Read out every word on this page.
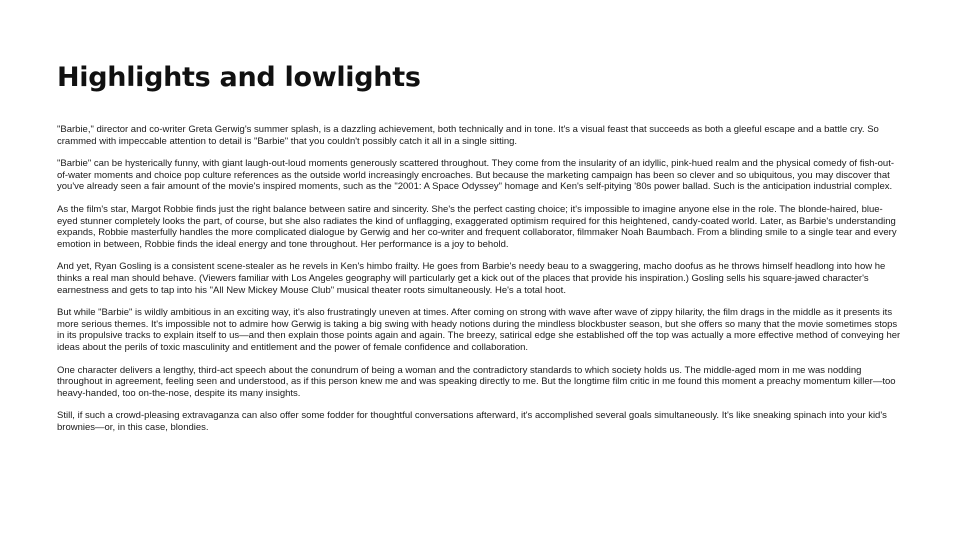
Highlights and lowlights

"Barbie," director and co-writer Greta Gerwig's summer splash, is a dazzling achievement, both technically and in tone. It's a visual feast that succeeds as both a gleeful escape and a battle cry. So crammed with impeccable attention to detail is "Barbie" that you couldn't possibly catch it all in a single sitting.

"Barbie" can be hysterically funny, with giant laugh-out-loud moments generously scattered throughout. They come from the insularity of an idyllic, pink-hued realm and the physical comedy of fish-out-of-water moments and choice pop culture references as the outside world increasingly encroaches. But because the marketing campaign has been so clever and so ubiquitous, you may discover that you've already seen a fair amount of the movie's inspired moments, such as the "2001: A Space Odyssey" homage and Ken's self-pitying '80s power ballad. Such is the anticipation industrial complex.

As the film's star, Margot Robbie finds just the right balance between satire and sincerity. She's the perfect casting choice; it's impossible to imagine anyone else in the role. The blonde-haired, blue-eyed stunner completely looks the part, of course, but she also radiates the kind of unflagging, exaggerated optimism required for this heightened, candy-coated world. Later, as Barbie's understanding expands, Robbie masterfully handles the more complicated dialogue by Gerwig and her co-writer and frequent collaborator, filmmaker Noah Baumbach. From a blinding smile to a single tear and every emotion in between, Robbie finds the ideal energy and tone throughout. Her performance is a joy to behold.

And yet, Ryan Gosling is a consistent scene-stealer as he revels in Ken's himbo frailty. He goes from Barbie's needy beau to a swaggering, macho doofus as he throws himself headlong into how he thinks a real man should behave. (Viewers familiar with Los Angeles geography will particularly get a kick out of the places that provide his inspiration.) Gosling sells his square-jawed character's earnestness and gets to tap into his "All New Mickey Mouse Club" musical theater roots simultaneously. He's a total hoot.

But while "Barbie" is wildly ambitious in an exciting way, it's also frustratingly uneven at times. After coming on strong with wave after wave of zippy hilarity, the film drags in the middle as it presents its more serious themes. It's impossible not to admire how Gerwig is taking a big swing with heady notions during the mindless blockbuster season, but she offers so many that the movie sometimes stops in its propulsive tracks to explain itself to us—and then explain those points again and again. The breezy, satirical edge she established off the top was actually a more effective method of conveying her ideas about the perils of toxic masculinity and entitlement and the power of female confidence and collaboration.

One character delivers a lengthy, third-act speech about the conundrum of being a woman and the contradictory standards to which society holds us. The middle-aged mom in me was nodding throughout in agreement, feeling seen and understood, as if this person knew me and was speaking directly to me. But the longtime film critic in me found this moment a preachy momentum killer—too heavy-handed, too on-the-nose, despite its many insights.

Still, if such a crowd-pleasing extravaganza can also offer some fodder for thoughtful conversations afterward, it's accomplished several goals simultaneously. It's like sneaking spinach into your kid's brownies—or, in this case, blondies.
